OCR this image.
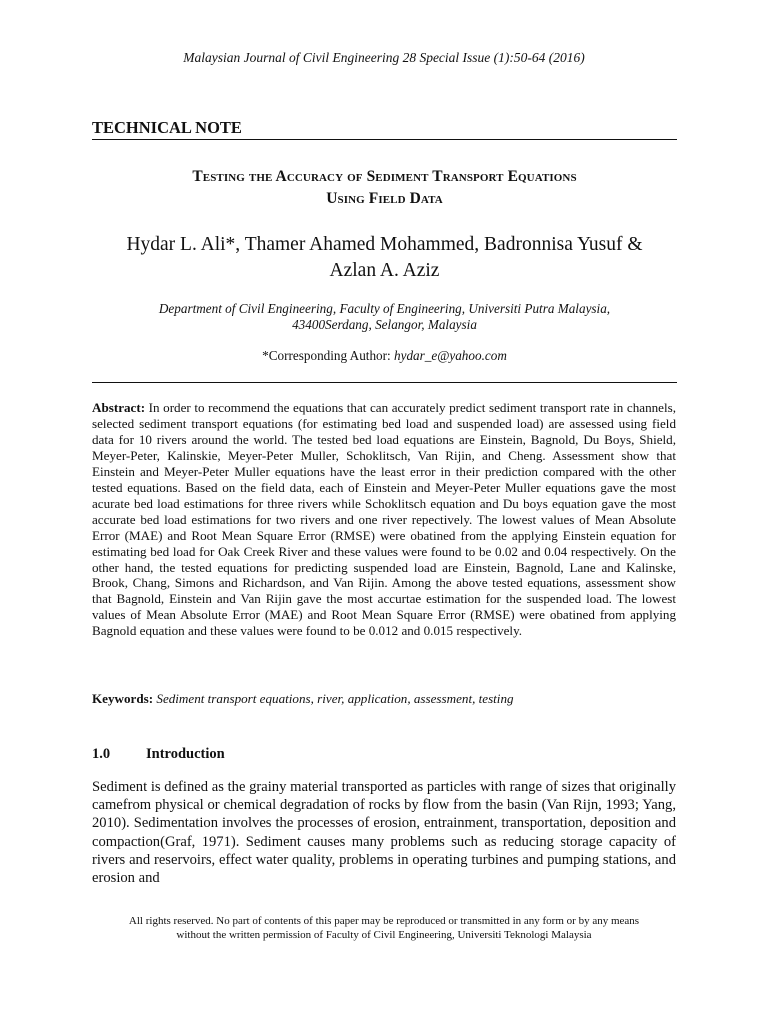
Malaysian Journal of Civil Engineering 28 Special Issue (1):50-64 (2016)
TECHNICAL NOTE
Testing the Accuracy of Sediment Transport Equations
Using Field Data
Hydar L. Ali*, Thamer Ahamed Mohammed, Badronnisa Yusuf &
Azlan A. Aziz
Department of Civil Engineering, Faculty of Engineering, Universiti Putra Malaysia,
43400Serdang, Selangor, Malaysia
*Corresponding Author: hydar_e@yahoo.com

Abstract: In order to recommend the equations that can accurately predict sediment transport rate in channels, selected sediment transport equations (for estimating bed load and suspended load) are assessed using field data for 10 rivers around the world. The tested bed load equations are Einstein, Bagnold, Du Boys, Shield, Meyer-Peter, Kalinskie, Meyer-Peter Muller, Schoklitsch, Van Rijin, and Cheng. Assessment show that Einstein and Meyer-Peter Muller equations have the least error in their prediction compared with the other tested equations. Based on the field data, each of Einstein and Meyer-Peter Muller equations gave the most acurate bed load estimations for three rivers while Schoklitsch equation and Du boys equation gave the most accurate bed load estimations for two rivers and one river repectively. The lowest values of Mean Absolute Error (MAE) and Root Mean Square Error (RMSE) were obatined from the applying Einstein equation for estimating bed load for Oak Creek River and these values were found to be 0.02 and 0.04 respectively. On the other hand, the tested equations for predicting suspended load are Einstein, Bagnold, Lane and Kalinske, Brook, Chang, Simons and Richardson, and Van Rijin. Among the above tested equations, assessment show that Bagnold, Einstein and Van Rijin gave the most accurtae estimation for the suspended load. The lowest values of Mean Absolute Error (MAE) and Root Mean Square Error (RMSE) were obatined from applying Bagnold equation and these values were found to be 0.012 and 0.015 respectively.

Keywords: Sediment transport equations, river, application, assessment, testing

1.0 Introduction

Sediment is defined as the grainy material transported as particles with range of sizes that originally camefrom physical or chemical degradation of rocks by flow from the basin (Van Rijn, 1993; Yang, 2010). Sedimentation involves the processes of erosion, entrainment, transportation, deposition and compaction(Graf, 1971). Sediment causes many problems such as reducing storage capacity of rivers and reservoirs, effect water quality, problems in operating turbines and pumping stations, and erosion and

All rights reserved. No part of contents of this paper may be reproduced or transmitted in any form or by any means
without the written permission of Faculty of Civil Engineering, Universiti Teknologi Malaysia
